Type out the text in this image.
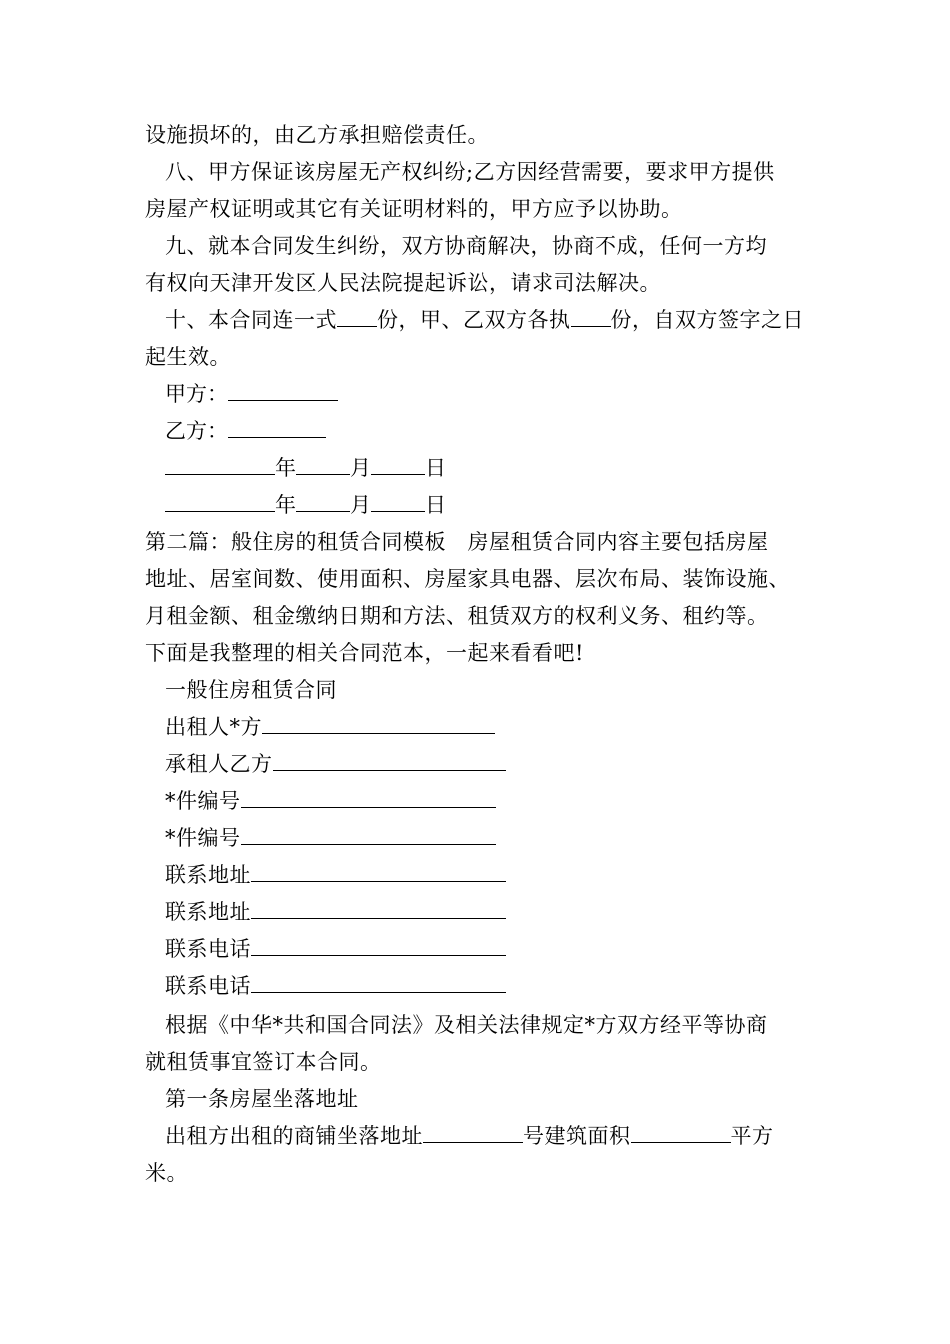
设施损坏的，由乙方承担赔偿责任。
八、甲方保证该房屋无产权纠纷;乙方因经营需要，要求甲方提供
房屋产权证明或其它有关证明材料的，甲方应予以协助。
九、就本合同发生纠纷，双方协商解决，协商不成，任何一方均
有权向天津开发区人民法院提起诉讼，请求司法解决。
十、本合同连一式 份，甲、乙双方各执 份，自双方签字之日
起生效。
甲方：
乙方：
年	月	日
年	月	日
第二篇：般住房的租赁合同模板　房屋租赁合同内容主要包括房屋
地址、居室间数、使用面积、房屋家具电器、层次布局、装饰设施、
月租金额、租金缴纳日期和方法、租赁双方的权利义务、租约等。
下面是我整理的相关合同范本，一起来看看吧!
一般住房租赁合同
出租人*方
承租人乙方
*件编号
*件编号
联系地址
联系地址
联系电话
联系电话
根据《中华*共和国合同法》及相关法律规定*方双方经平等协商
就租赁事宜签订本合同。
第一条房屋坐落地址
出租方出租的商铺坐落地址	号建筑面积	平方
米。
